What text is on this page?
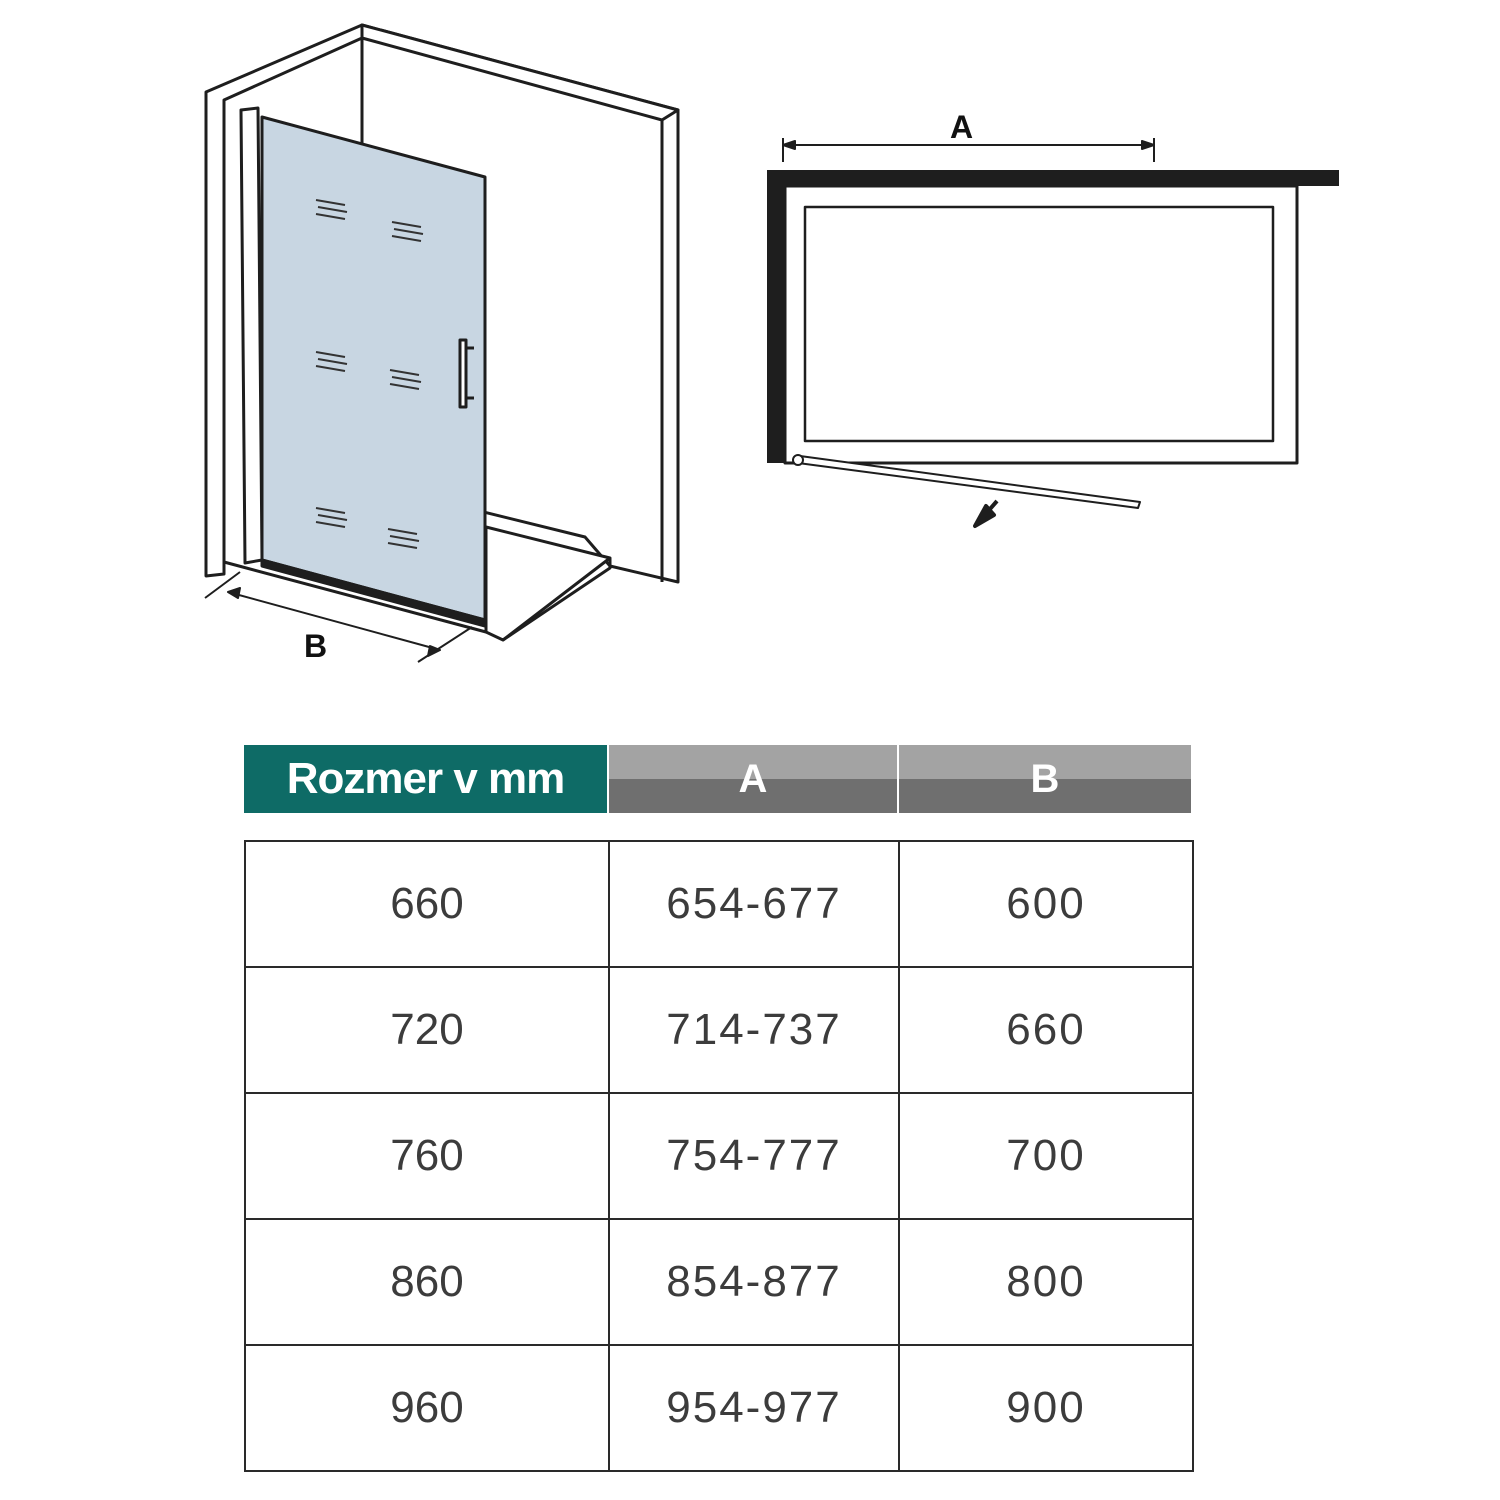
B
A
Rozmer v mm	A	B
660	654-677	600
720	714-737	660
760	754-777	700
860	854-877	800
960	954-977	900
